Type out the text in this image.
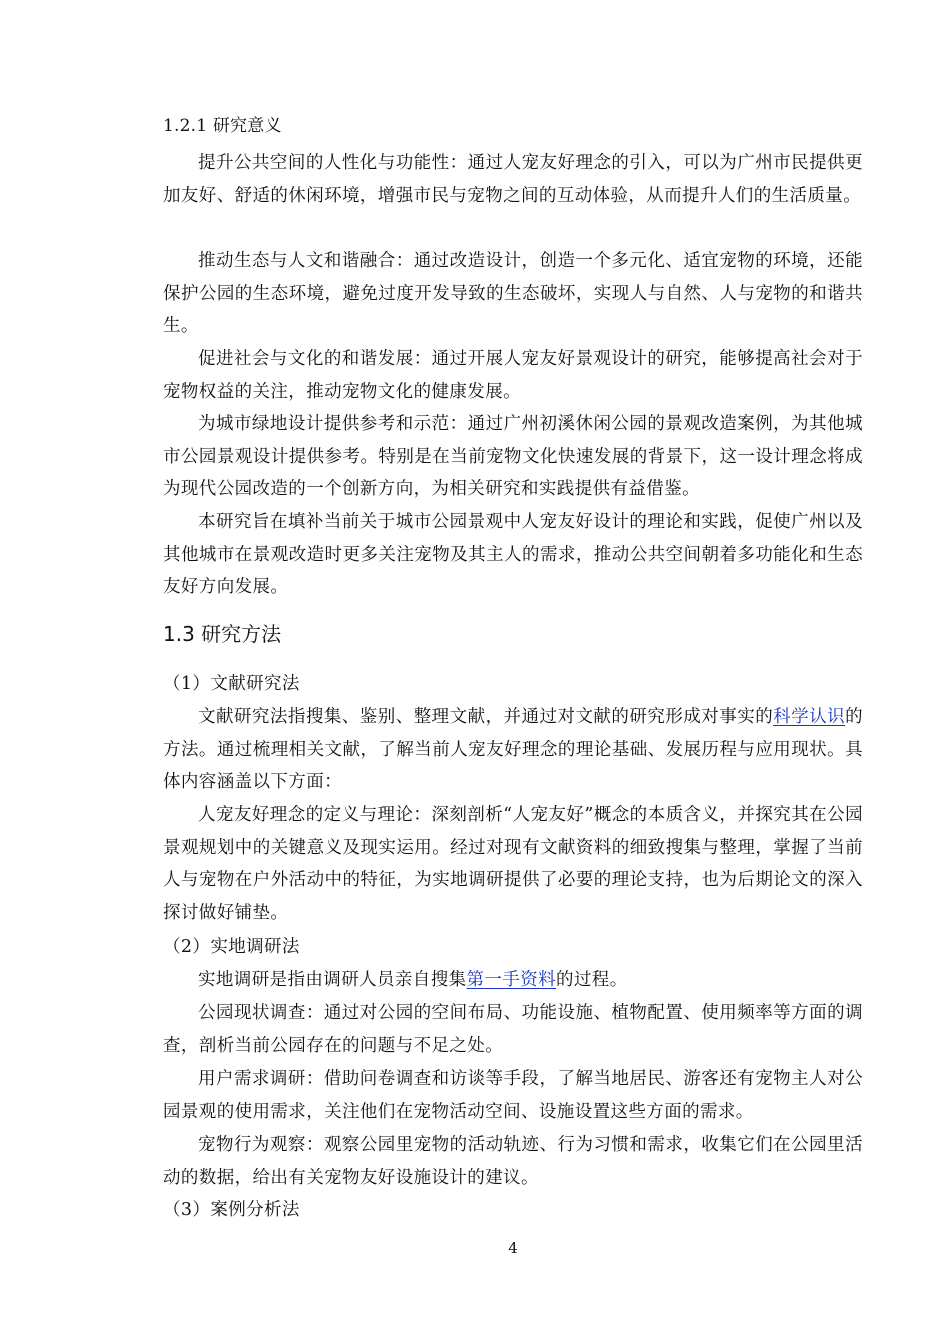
1.2.1 研究意义

提升公共空间的人性化与功能性：通过人宠友好理念的引入，可以为广州市民提供更加友好、舒适的休闲环境，增强市民与宠物之间的互动体验，从而提升人们的生活质量。

推动生态与人文和谐融合：通过改造设计，创造一个多元化、适宜宠物的环境，还能保护公园的生态环境，避免过度开发导致的生态破坏，实现人与自然、人与宠物的和谐共生。

促进社会与文化的和谐发展：通过开展人宠友好景观设计的研究，能够提高社会对于宠物权益的关注，推动宠物文化的健康发展。

为城市绿地设计提供参考和示范：通过广州初溪休闲公园的景观改造案例，为其他城市公园景观设计提供参考。特别是在当前宠物文化快速发展的背景下，这一设计理念将成为现代公园改造的一个创新方向，为相关研究和实践提供有益借鉴。

本研究旨在填补当前关于城市公园景观中人宠友好设计的理论和实践，促使广州以及其他城市在景观改造时更多关注宠物及其主人的需求，推动公共空间朝着多功能化和生态友好方向发展。

1.3 研究方法
（1）文献研究法

文献研究法指搜集、鉴别、整理文献，并通过对文献的研究形成对事实的科学认识的方法。通过梳理相关文献，了解当前人宠友好理念的理论基础、发展历程与应用现状。具体内容涵盖以下方面：

人宠友好理念的定义与理论：深刻剖析“人宠友好”概念的本质含义，并探究其在公园景观规划中的关键意义及现实运用。经过对现有文献资料的细致搜集与整理，掌握了当前人与宠物在户外活动中的特征，为实地调研提供了必要的理论支持，也为后期论文的深入探讨做好铺垫。

（2）实地调研法

实地调研是指由调研人员亲自搜集第一手资料的过程。

公园现状调查：通过对公园的空间布局、功能设施、植物配置、使用频率等方面的调查，剖析当前公园存在的问题与不足之处。

用户需求调研：借助问卷调查和访谈等手段，了解当地居民、游客还有宠物主人对公园景观的使用需求，关注他们在宠物活动空间、设施设置这些方面的需求。

宠物行为观察：观察公园里宠物的活动轨迹、行为习惯和需求，收集它们在公园里活动的数据，给出有关宠物友好设施设计的建议。

（3）案例分析法
4
